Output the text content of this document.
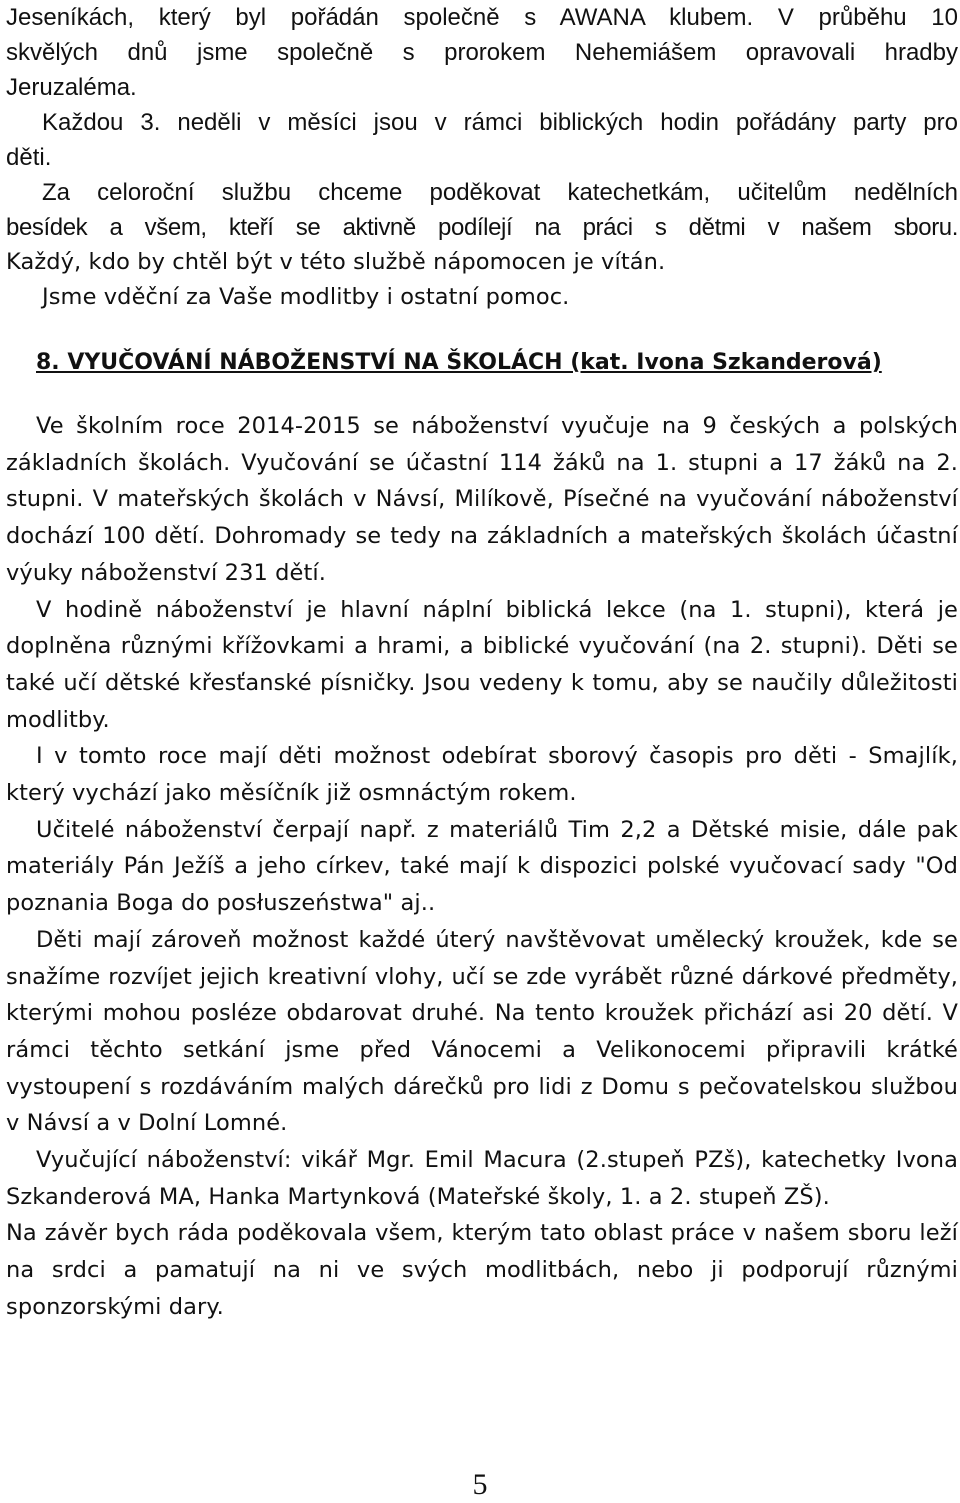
Jeseníkách, který byl pořádán společně s AWANA klubem. V průběhu 10
skvělých dnů jsme společně s prorokem Nehemiášem opravovali hradby
Jeruzaléma.
Každou 3. neděli v měsíci jsou v rámci biblických hodin pořádány party pro
děti.
Za celoroční službu chceme poděkovat katechetkám, učitelům nedělních
besídek a všem, kteří se aktivně podílejí na práci s dětmi v našem sboru.
Každý, kdo by chtěl být v této službě nápomocen je vítán.
Jsme vděční za Vaše modlitby i ostatní pomoc.
8. VYUČOVÁNÍ NÁBOŽENSTVÍ NA ŠKOLÁCH (kat. Ivona Szkanderová)

Ve školním roce 2014-2015 se náboženství vyučuje na 9 českých a polských základních školách. Vyučování se účastní 114 žáků na 1. stupni a 17 žáků na 2. stupni. V mateřských školách v Návsí, Milíkově, Písečné na vyučování náboženství dochází 100 dětí. Dohromady se tedy na základních a mateřských školách účastní výuky náboženství 231 dětí.

V hodině náboženství je hlavní náplní biblická lekce (na 1. stupni), která je doplněna různými křížovkami a hrami, a biblické vyučování (na 2. stupni). Děti se také učí dětské křesťanské písničky. Jsou vedeny k tomu, aby se naučily důležitosti modlitby.

I v tomto roce mají děti možnost odebírat sborový časopis pro děti - Smajlík, který vychází jako měsíčník již osmnáctým rokem.

Učitelé náboženství čerpají např. z materiálů Tim 2,2 a Dětské misie, dále pak materiály Pán Ježíš a jeho církev, také mají k dispozici polské vyučovací sady "Od poznania Boga do posłuszeństwa" aj..

Děti mají zároveň možnost každé úterý navštěvovat umělecký kroužek, kde se snažíme rozvíjet jejich kreativní vlohy, učí se zde vyrábět různé dárkové předměty, kterými mohou posléze obdarovat druhé. Na tento kroužek přichází asi 20 dětí. V rámci těchto setkání jsme před Vánocemi a Velikonocemi připravili krátké vystoupení s rozdáváním malých dárečků pro lidi z Domu s pečovatelskou službou v Návsí a v Dolní Lomné.

Vyučující náboženství: vikář Mgr. Emil Macura (2.stupeň PZš), katechetky Ivona Szkanderová MA, Hanka Martynková (Mateřské školy, 1. a 2. stupeň ZŠ).

Na závěr bych ráda poděkovala všem, kterým tato oblast práce v našem sboru leží na srdci a pamatují na ni ve svých modlitbách, nebo ji podporují různými sponzorskými dary.

5
